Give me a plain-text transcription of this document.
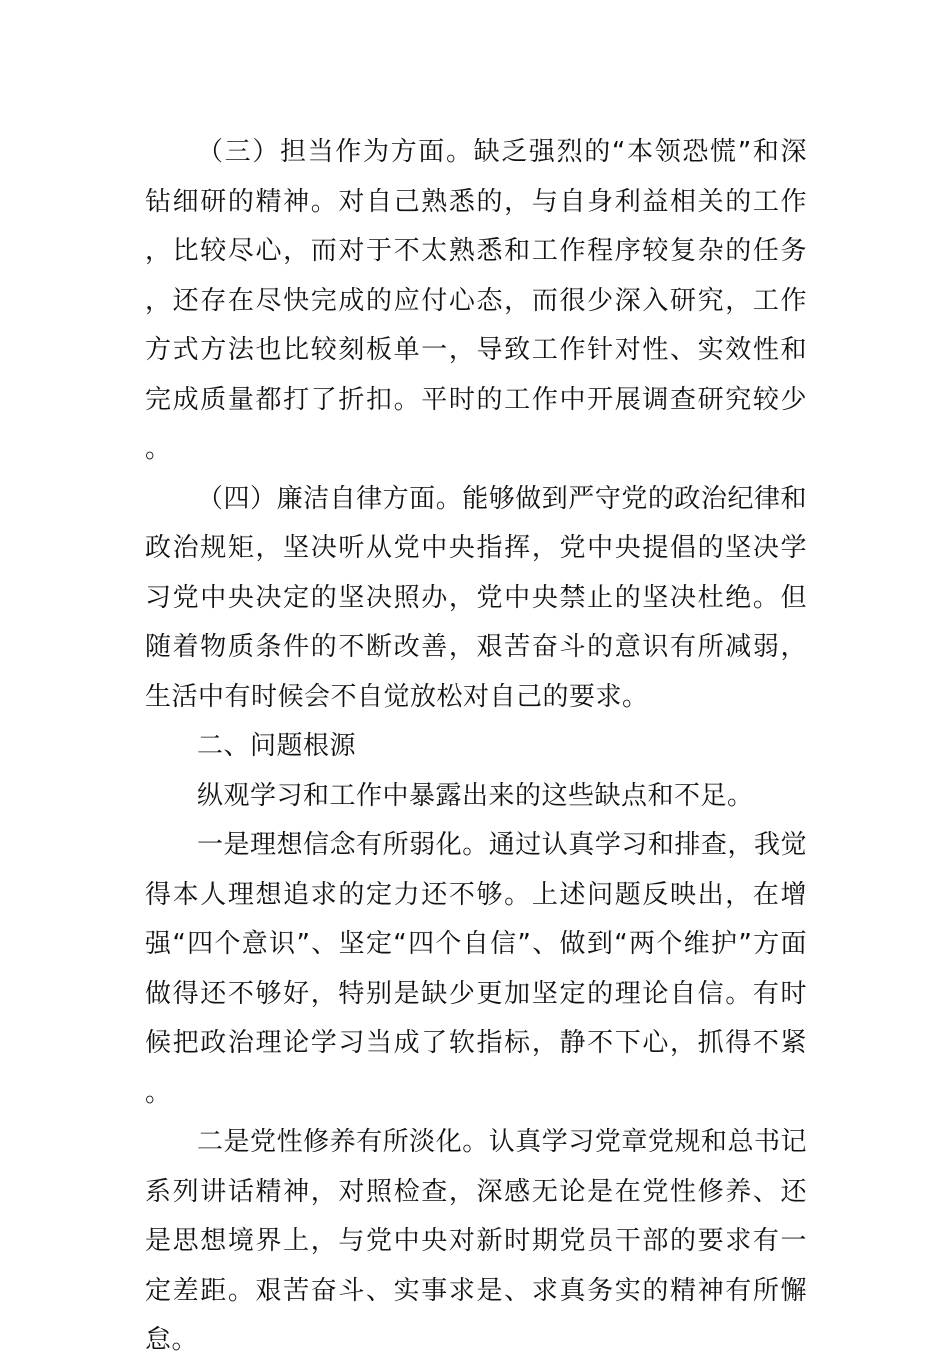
（三）担当作为方面。缺乏强烈的“本领恐慌”和深钻细研的精神。对自己熟悉的，与自身利益相关的工作，比较尽心，而对于不太熟悉和工作程序较复杂的任务，还存在尽快完成的应付心态，而很少深入研究，工作方式方法也比较刻板单一，导致工作针对性、实效性和完成质量都打了折扣。平时的工作中开展调查研究较少。

（四）廉洁自律方面。能够做到严守党的政治纪律和政治规矩，坚决听从党中央指挥，党中央提倡的坚决学习党中央决定的坚决照办，党中央禁止的坚决杜绝。但随着物质条件的不断改善，艰苦奋斗的意识有所减弱，生活中有时候会不自觉放松对自己的要求。

二、问题根源

纵观学习和工作中暴露出来的这些缺点和不足。

一是理想信念有所弱化。通过认真学习和排查，我觉得本人理想追求的定力还不够。上述问题反映出，在增强“四个意识”、坚定“四个自信”、做到“两个维护”方面做得还不够好，特别是缺少更加坚定的理论自信。有时候把政治理论学习当成了软指标，静不下心，抓得不紧。

二是党性修养有所淡化。认真学习党章党规和总书记系列讲话精神，对照检查，深感无论是在党性修养、还是思想境界上，与党中央对新时期党员干部的要求有一定差距。艰苦奋斗、实事求是、求真务实的精神有所懈怠。
